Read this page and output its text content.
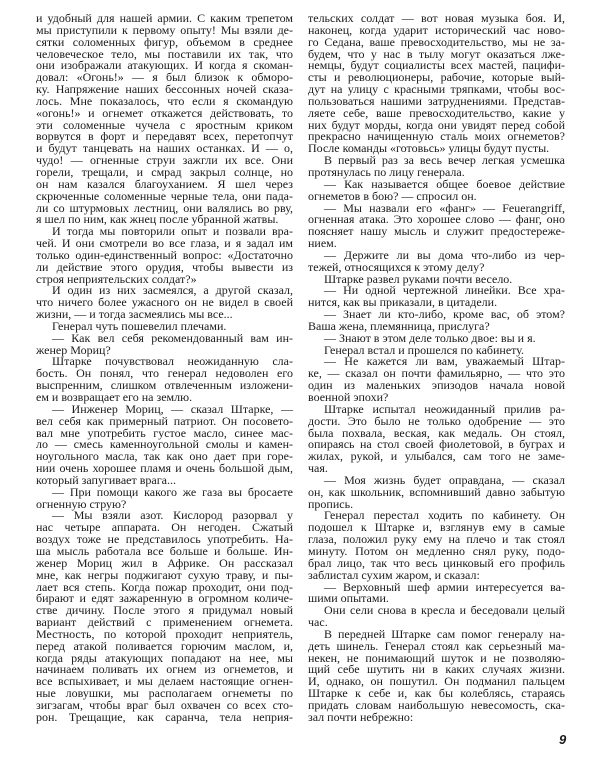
и удобный для нашей армии. С каким трепетом
мы приступили к первому опыту! Мы взяли де-
сятки соломенных фигур, объемом в среднее
человеческое тело, мы поставили их так, что
они изображали атакующих. И когда я скоман-
довал: «Огонь!» — я был близок к обморо-
ку. Напряжение наших бессонных ночей сказа-
лось. Мне показалось, что если я скомандую
«огонь!» и огнемет откажется действовать, то
эти соломенные чучела с яростным криком
ворвутся в форт и передавят всех, перетопчут
и будут танцевать на наших останках. И — о,
чудо! — огненные струи зажгли их все. Они
горели, трещали, и смрад закрыл солнце, но
он нам казался благоуханием. Я шел через
скрюченные соломенные черные тела, они пада-
ли со штурмовых лестниц, они валялись во рву,
я шел по ним, как жнец после убранной жатвы.
И тогда мы повторили опыт и позвали вра-
чей. И они смотрели во все глаза, и я задал им
только один-единственный вопрос: «Достаточно
ли действие этого орудия, чтобы вывести из
строя неприятельских солдат?»
И один из них засмеялся, а другой сказал,
что ничего более ужасного он не видел в своей
жизни, — и тогда засмеялись мы все...
Генерал чуть пошевелил плечами.
— Как вел себя рекомендованный вам ин-
женер Мориц?
Штарке почувствовал неожиданную сла-
бость. Он понял, что генерал недоволен его
выспренним, слишком отвлеченным изложени-
ем и возвращает его на землю.
— Инженер Мориц, — сказал Штарке, —
вел себя как примерный патриот. Он посовето-
вал мне употребить густое масло, синее мас-
ло — смесь каменноугольной смолы и камен-
ноугольного масла, так как оно дает при горе-
нии очень хорошее пламя и очень большой дым,
который запугивает врага...
— При помощи какого же газа вы бросаете
огненную струю?
— Мы взяли азот. Кислород разорвал у
нас четыре аппарата. Он негоден. Сжатый
воздух тоже не представилось употребить. На-
ша мысль работала все больше и больше. Ин-
женер Мориц жил в Африке. Он рассказал
мне, как негры поджигают сухую траву, и пы-
лает вся степь. Когда пожар проходит, они под-
бирают и едят зажаренную в огромном количе-
стве дичину. После этого я придумал новый
вариант действий с применением огнемета.
Местность, по которой проходит неприятель,
перед атакой поливается горючим маслом, и,
когда ряды атакующих попадают на нее, мы
начинаем поливать их огнем из огнеметов, и
все вспыхивает, и мы делаем настоящие огнен-
ные ловушки, мы располагаем огнеметы по
зигзагам, чтобы враг был охвачен со всех сто-
рон. Трещащие, как саранча, тела неприя-
тельских солдат — вот новая музыка боя. И,
наконец, когда ударит исторический час ново-
го Седана, ваше превосходительство, мы не за-
будем, что у нас в тылу могут оказаться лже-
немцы, будут социалисты всех мастей, пацифи-
сты и революционеры, рабочие, которые вый-
дут на улицу с красными тряпками, чтобы вос-
пользоваться нашими затруднениями. Представ-
ляете себе, ваше превосходительство, какие у
них будут морды, когда они увидят перед собой
прекрасно начищенную сталь моих огнеметов?
После команды «готовьсь» улицы будут пусты.
В первый раз за весь вечер легкая усмешка
протянулась по лицу генерала.
— Как называется общее боевое действие
огнеметов в бою? — спросил он.
— Мы назвали его «фанг» — Feuerangriff,
огненная атака. Это хорошее слово — фанг, оно
поясняет нашу мысль и служит предостереже-
нием.
— Держите ли вы дома что-либо из чер-
тежей, относящихся к этому делу?
Штарке развел руками почти весело.
— Ни одной чертежной линейки. Все хра-
нится, как вы приказали, в цитадели.
— Знает ли кто-либо, кроме вас, об этом?
Ваша жена, племянница, прислуга?
— Знают в этом деле только двое: вы и я.
Генерал встал и прошелся по кабинету.
— Не кажется ли вам, уважаемый Штар-
ке, — сказал он почти фамильярно, — что это
один из маленьких эпизодов начала новой
военной эпохи?
Штарке испытал неожиданный прилив ра-
дости. Это было не только одобрение — это
была похвала, веская, как медаль. Он стоял,
опираясь на стол своей фиолетовой, в буграх и
жилах, рукой, и улыбался, сам того не заме-
чая.
— Моя жизнь будет оправдана, — сказал
он, как школьник, вспомнивший давно забытую
пропись.
Генерал перестал ходить по кабинету. Он
подошел к Штарке и, взглянув ему в самые
глаза, положил руку ему на плечо и так стоял
минуту. Потом он медленно снял руку, подо-
брал лицо, так что весь цинковый его профиль
заблистал сухим жаром, и сказал:
— Верховный шеф армии интересуется ва-
шими опытами.
Они сели снова в кресла и беседовали целый
час.
В передней Штарке сам помог генералу на-
деть шинель. Генерал стоял как серьезный ма-
некен, не понимающий шуток и не позволяю-
щий себе шутить ни в каких случаях жизни.
И, однако, он пошутил. Он подманил пальцем
Штарке к себе и, как бы колеблясь, стараясь
придать словам наибольшую невесомость, ска-
зал почти небрежно:
9
